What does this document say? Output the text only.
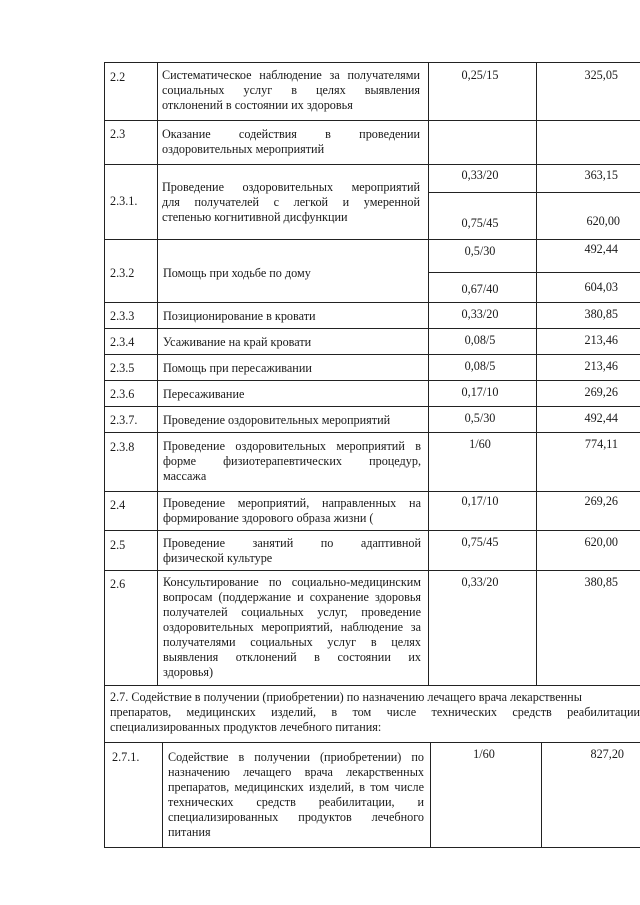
2.2	Систематическое наблюдение за получателями
социальных услуг в целях выявления
отклонений в состоянии их здоровья
0,25/15	325,05
2.3	Оказание содействия в проведении
оздоровительных мероприятий
2.3.1.
Проведение оздоровительных мероприятий
для получателей с легкой и умеренной
степенью когнитивной дисфункции
0,33/20	363,15
0,75/45	620,00
2.3.2 Помощь при ходьбе по дому
0,5/30	492,44
0,67/40	604,03
2.3.3 Позиционирование в кровати	0,33/20	380,85
2.3.4 Усаживание на край кровати	0,08/5	213,46
2.3.5 Помощь при пересаживании	0,08/5	213,46
2.3.6 Пересаживание	0,17/10	269,26
2.3.7. Проведение оздоровительных мероприятий	0,5/30	492,44
2.3.8 Проведение оздоровительных мероприятий в
форме физиотерапевтических процедур,
массажа
1/60	774,11
2.4	Проведение мероприятий, направленных на
формирование здорового образа жизни (
0,17/10	269,26
2.5	Проведение занятий по адаптивной
физической культуре
0,75/45	620,00
2.6	Консультирование по социально-медицинским
вопросам (поддержание и сохранение здоровья
получателей социальных услуг, проведение
оздоровительных мероприятий, наблюдение за
получателями социальных услуг в целях
выявления отклонений в состоянии их
здоровья)
0,33/20	380,85
2.7. Содействие в получении (приобретении) по назначению лечащего врача лекарственны
препаратов, медицинских изделий, в том числе технических средств реабилитации
специализированных продуктов лечебного питания:
2.7.1. Содействие в получении (приобретении) по
назначению лечащего врача лекарственных
препаратов, медицинских изделий, в том числе
технических средств реабилитации, и
специализированных продуктов лечебного
питания
1/60	827,20
